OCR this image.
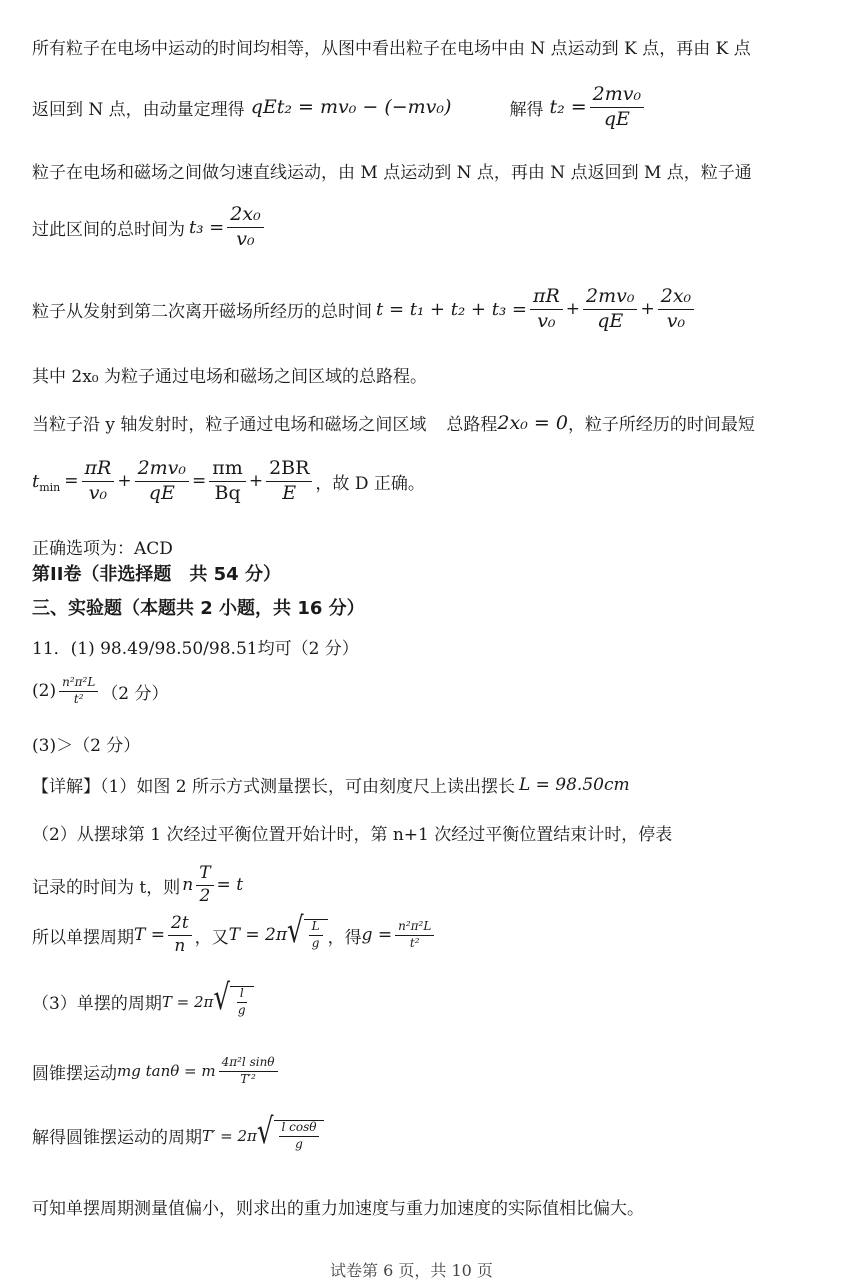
所有粒子在电场中运动的时间均相等，从图中看出粒子在电场中由 N 点运动到 K 点，再由 K 点
返回到 N 点，由动量定理得 qEt₂ = mv₀ − (−mv₀)	解得 $t_2 = \frac{\text{2mv₀}}{qE}$
粒子在电场和磁场之间做匀速直线运动，由 M 点运动到 N 点，再由 N 点返回到 M 点，粒子通
过此区间的总时间为 $t_3 = \frac{\text{2x₀}}{\text{v₀}}$
粒子从发射到第二次离开磁场所经历的总时间 $t = t_1 + t_2 + t_3 = \frac{\pi R}{\text{v₀}} + \frac{\text{2mv₀}}{qE} + \frac{\text{2x₀}}{\text{v₀}}$
其中 2x₀ 为粒子通过电场和磁场之间区域的总路程。
当粒子沿 y 轴发射时，粒子通过电场和磁场之间区域 总路程 2x₀ = 0 ，粒子所经历的时间最短
t $\min = \frac{\pi R}{\text{v₀}} + \frac{\text{2mv₀}}{qE} = \frac{\pi m}{Bq} + \frac{2BR}{E}$ ，故 D 正确。
正确选项为：ACD
第II卷（非选择题　共 54 分）
三、实验题（本题共 2 小题，共 16 分）
11．(1) 98.49/98.50/98.51均可（2 分）
$(2) \frac{\text{n²π²L}}{\text{t²}} (2$ 分）
(3)＞（2 分）
【详解】（1）如图 2 所示方式测量摆长，可由刻度尺上读出摆长 L = 98.50cm
（2）从摆球第 1 次经过平衡位置开始计时，第 n+1 次经过平衡位置结束计时，停表
记录的时间为 t，则 n $\frac{T}{2} = t$
所以单摆周期 $T = \frac{2t}{n}$ ，又 T = 2π √ $\frac{L}{g}$ ，得 $g = \frac{\text{n²π²L}}{\text{t²}}$
（3）单摆的周期 T = 2π √ $\frac{l}{g}$
圆锥摆运动 mg tanθ = m $\frac{\text{4π²l sinθ}}{\text{T′²}}$
解得圆锥摆运动的周期 T′ = 2π √ $\frac{\text{l cosθ}}{g}$
可知单摆周期测量值偏小，则求出的重力加速度与重力加速度的实际值相比偏大。
试卷第 6 页，共 10 页
